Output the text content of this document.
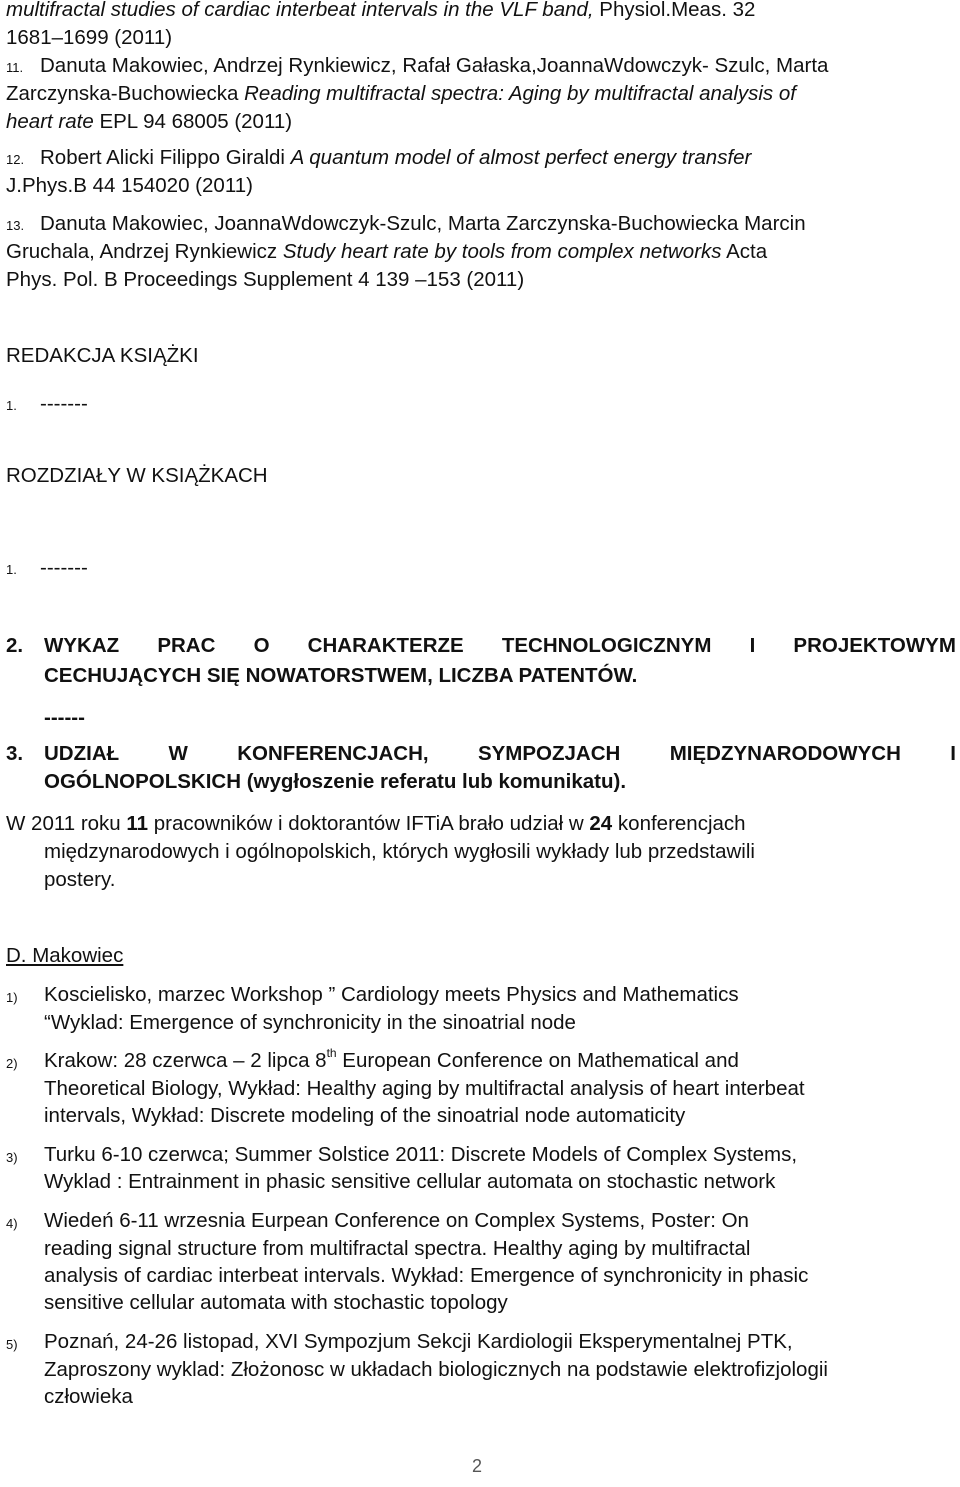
multifractal studies of cardiac interbeat intervals in the VLF band, Physiol.Meas. 32
1681–1699 (2011)
11. Danuta Makowiec, Andrzej Rynkiewicz, Rafał Gałaska,JoannaWdowczyk- Szulc, Marta
Zarczynska-Buchowiecka Reading multifractal spectra: Aging by multifractal analysis of
heart rate EPL 94 68005 (2011)
12. Robert Alicki Filippo Giraldi A quantum model of almost perfect energy transfer
J.Phys.B 44 154020 (2011)
13. Danuta Makowiec, JoannaWdowczyk-Szulc, Marta Zarczynska-Buchowiecka Marcin
Gruchala, Andrzej Rynkiewicz Study heart rate by tools from complex networks Acta
Phys. Pol. B Proceedings Supplement 4 139 –153 (2011)
REDAKCJA KSIĄŻKI
1. -------
ROZDZIAŁY W KSIĄŻKACH
1. -------
2. WYKAZ PRAC O CHARAKTERZE TECHNOLOGICZNYM I PROJEKTOWYM
CECHUJĄCYCH SIĘ NOWATORSTWEM, LICZBA PATENTÓW.
------
3. UDZIAŁ W KONFERENCJACH, SYMPOZJACH MIĘDZYNARODOWYCH I
OGÓLNOPOLSKICH (wygłoszenie referatu lub komunikatu).
W 2011 roku 11 pracowników i doktorantów IFTiA brało udział w 24 konferencjach
międzynarodowych i ogólnopolskich, których wygłosili wykłady lub przedstawili
postery.
D. Makowiec
1) Koscielisko, marzec Workshop ” Cardiology meets Physics and Mathematics
“Wyklad: Emergence of synchronicity in the sinoatrial node
2) Krakow: 28 czerwca – 2 lipca 8th European Conference on Mathematical and
Theoretical Biology, Wykład: Healthy aging by multifractal analysis of heart interbeat
intervals, Wykład: Discrete modeling of the sinoatrial node automaticity
3) Turku 6-10 czerwca; Summer Solstice 2011: Discrete Models of Complex Systems,
Wyklad : Entrainment in phasic sensitive cellular automata on stochastic network
4) Wiedeń 6-11 wrzesnia Eurpean Conference on Complex Systems, Poster: On
reading signal structure from multifractal spectra. Healthy aging by multifractal
analysis of cardiac interbeat intervals. Wykład: Emergence of synchronicity in phasic
sensitive cellular automata with stochastic topology
5) Poznań, 24-26 listopad, XVI Sympozjum Sekcji Kardiologii Eksperymentalnej PTK,
Zaproszony wyklad: Złożonosc w układach biologicznych na podstawie elektrofizjologii
człowieka
2
